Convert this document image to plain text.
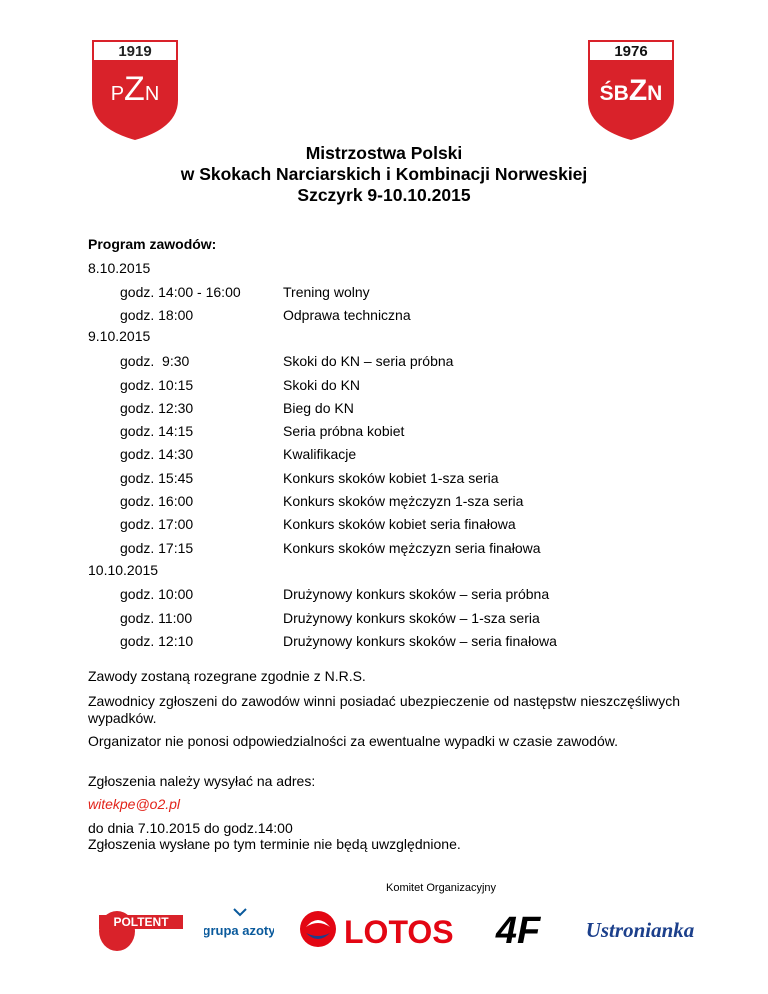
1919
PZN
1976
ŚBZN
Mistrzostwa Polski
w Skokach Narciarskich i Kombinacji Norweskiej
Szczyrk 9-10.10.2015
Program zawodów:
8.10.2015
godz. 14:00 - 16:00	Trening wolny
godz. 18:00	Odprawa techniczna
9.10.2015
godz.  9:30	Skoki do KN – seria próbna
godz. 10:15	Skoki do KN
godz. 12:30	Bieg do KN
godz. 14:15	Seria próbna kobiet
godz. 14:30	Kwalifikacje
godz. 15:45	Konkurs skoków kobiet 1-sza seria
godz. 16:00	Konkurs skoków mężczyzn 1-sza seria
godz. 17:00	Konkurs skoków kobiet seria finałowa
godz. 17:15	Konkurs skoków mężczyzn seria finałowa
10.10.2015
godz. 10:00	Drużynowy konkurs skoków – seria próbna
godz. 11:00	Drużynowy konkurs skoków – 1-sza seria
godz. 12:10	Drużynowy konkurs skoków – seria finałowa
Zawody zostaną rozegrane zgodnie z N.R.S.
Zawodnicy zgłoszeni do zawodów winni posiadać ubezpieczenie od następstw nieszczęśliwych wypadków.
Organizator nie ponosi odpowiedzialności za ewentualne wypadki w czasie zawodów.
Zgłoszenia należy wysyłać na adres:
witekpe@o2.pl
do dnia 7.10.2015 do godz.14:00
Zgłoszenia wysłane po tym terminie nie będą uwzględnione.
Komitet Organizacyjny
POLTENT
grupa azoty LOTOS 4F Ustronianka
